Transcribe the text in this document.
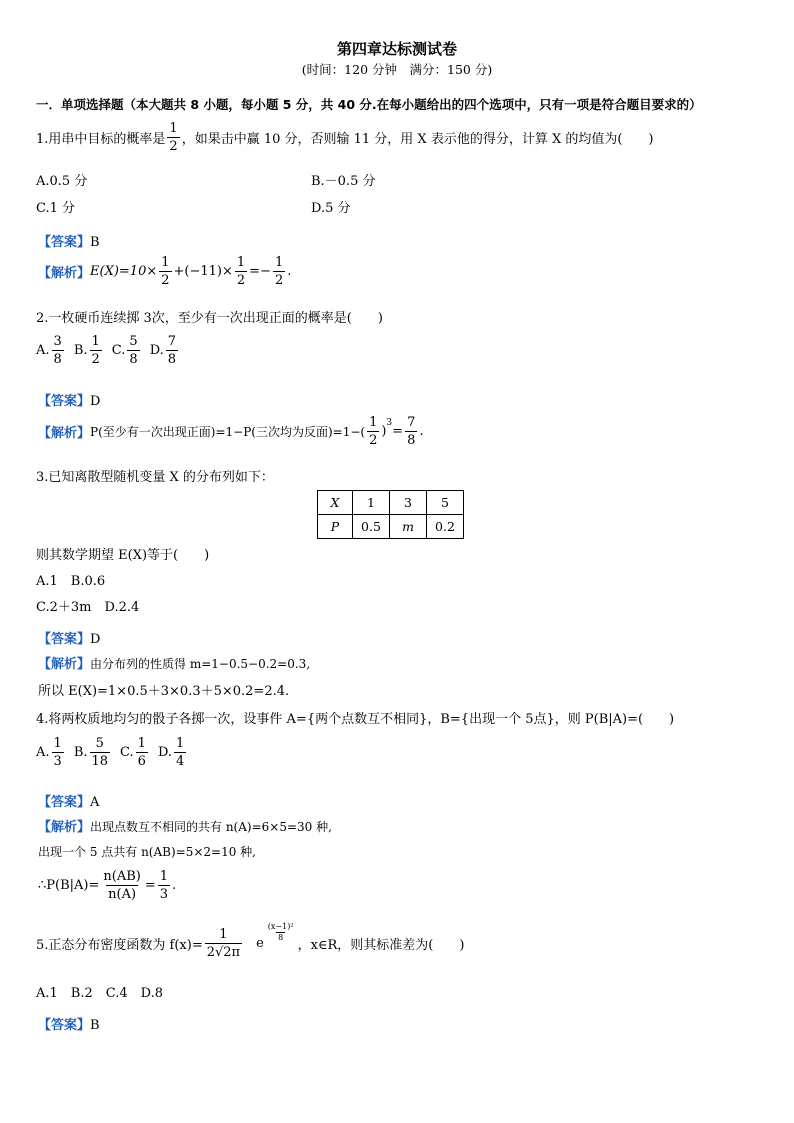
第四章达标测试卷
(时间：120 分钟　满分：150 分)
一．单项选择题（本大题共 8 小题，每小题 5 分，共 40 分.在每小题给出的四个选项中，只有一项是符合题目要求的）
1.用串中目标的概率是 $\frac{1}{2}$ ，如果击中赢 10 分，否则输 11 分，用 X 表示他的得分，计算 X 的均值为(　　)
A.0.5 分	B.－0.5 分
C.1 分	D.5 分
【答案】B
【解析】 $E(X)=10\times \frac{1}{2} +(-11)\times \frac{1}{2} =- \frac{1}{2}$ .
2.一枚硬币连续掷 3次，至少有一次出现正面的概率是(　　)
A. $\frac{3}{8} B$. $\frac{1}{2} C$. $\frac{5}{8} D$. $\frac{7}{8}$
【答案】D
【解析】 P(至少有一次出现正面)=1−P(三次均为反面)$=1-( \frac{1}{2}$ )
$^3$
= $\frac{7}{8}$ .
3.已知离散型随机变量 X 的分布列如下：
X	1	3	5
P	0.5	m	0.2
则其数学期望 E(X)等于(　　)
A.1　B.0.6
C.2＋3m　D.2.4
【答案】D
【解析】由分布列的性质得 m=1−0.5−0.2=0.3,
所以 E(X)=1×0.5＋3×0.3＋5×0.2=2.4.
4.将两枚质地均匀的骰子各掷一次，设事件 A={两个点数互不相同}，B={出现一个 5点}，则 P(B|A)=(　　)
A. $\frac{1}{3} B$. $\frac{5}{18} C$. $\frac{1}{6} D$. $\frac{1}{4}$
【答案】A
【解析】出现点数互不相同的共有 n(A)=6×5=30 种,
出现一个 5 点共有 n(AB)=5×2=10 种,
∴P(B|A)= $\frac{n(AB)}{n(A)} = \frac{1}{3}$ .
5.正态分布密度函数为 $f(x)= \frac{1}{2√2\pi}$ e
$\frac{\text{(x−1)²}}{8}$
，x∈R，则其标准差为(　　)
A.1　B.2　C.4　D.8
【答案】B
